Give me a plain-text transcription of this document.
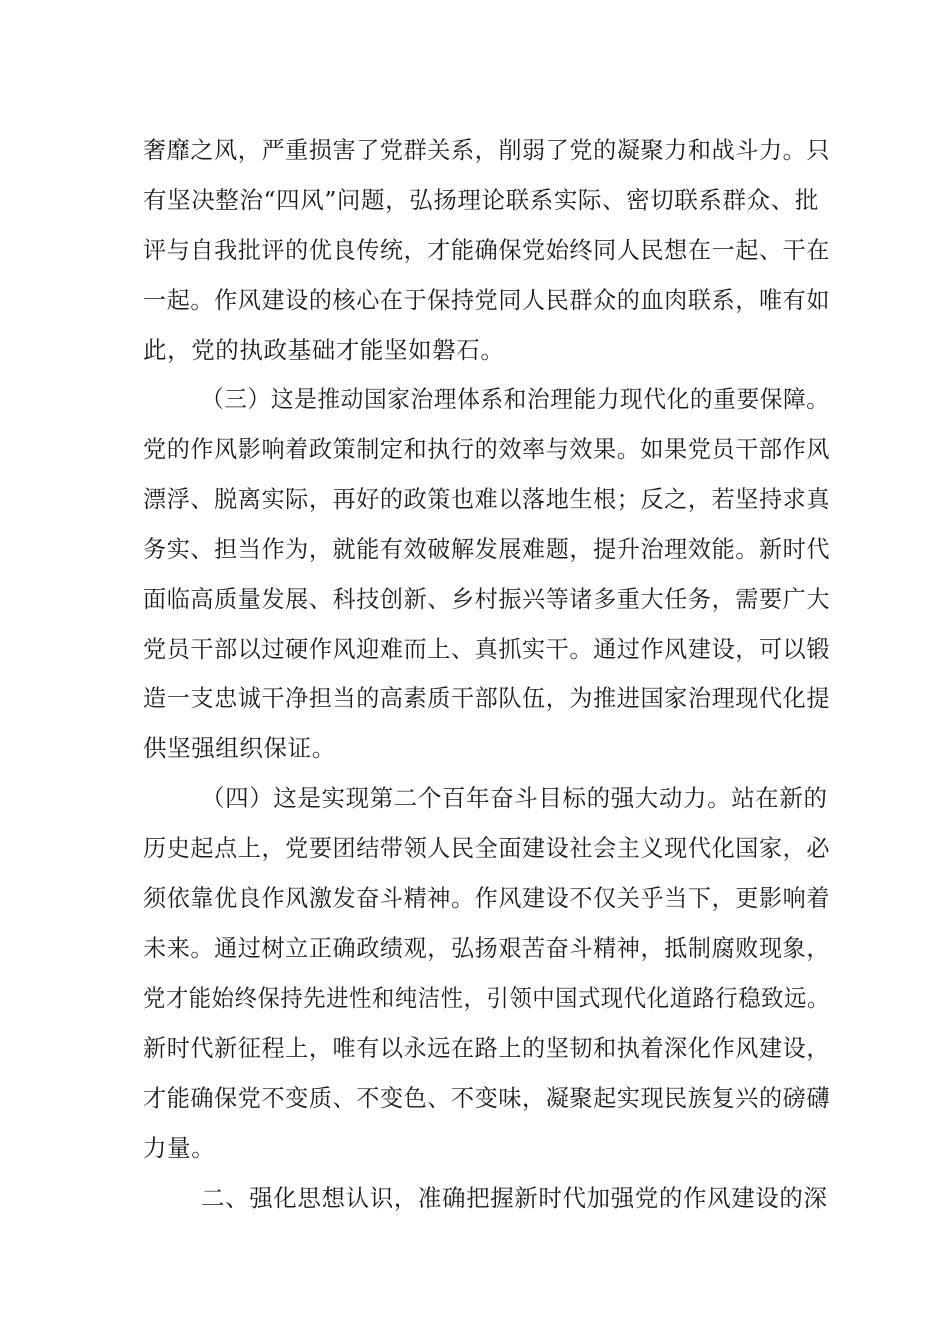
奢靡之风，严重损害了党群关系，削弱了党的凝聚力和战斗力。只
有坚决整治“四风”问题，弘扬理论联系实际、密切联系群众、批
评与自我批评的优良传统，才能确保党始终同人民想在一起、干在
一起。作风建设的核心在于保持党同人民群众的血肉联系，唯有如
此，党的执政基础才能坚如磐石。
（三）这是推动国家治理体系和治理能力现代化的重要保障。
党的作风影响着政策制定和执行的效率与效果。如果党员干部作风
漂浮、脱离实际，再好的政策也难以落地生根；反之，若坚持求真
务实、担当作为，就能有效破解发展难题，提升治理效能。新时代
面临高质量发展、科技创新、乡村振兴等诸多重大任务，需要广大
党员干部以过硬作风迎难而上、真抓实干。通过作风建设，可以锻
造一支忠诚干净担当的高素质干部队伍，为推进国家治理现代化提
供坚强组织保证。
（四）这是实现第二个百年奋斗目标的强大动力。站在新的
历史起点上，党要团结带领人民全面建设社会主义现代化国家，必
须依靠优良作风激发奋斗精神。作风建设不仅关乎当下，更影响着
未来。通过树立正确政绩观，弘扬艰苦奋斗精神，抵制腐败现象，
党才能始终保持先进性和纯洁性，引领中国式现代化道路行稳致远。
新时代新征程上，唯有以永远在路上的坚韧和执着深化作风建设，
才能确保党不变质、不变色、不变味，凝聚起实现民族复兴的磅礴
力量。
二、强化思想认识，准确把握新时代加强党的作风建设的深
